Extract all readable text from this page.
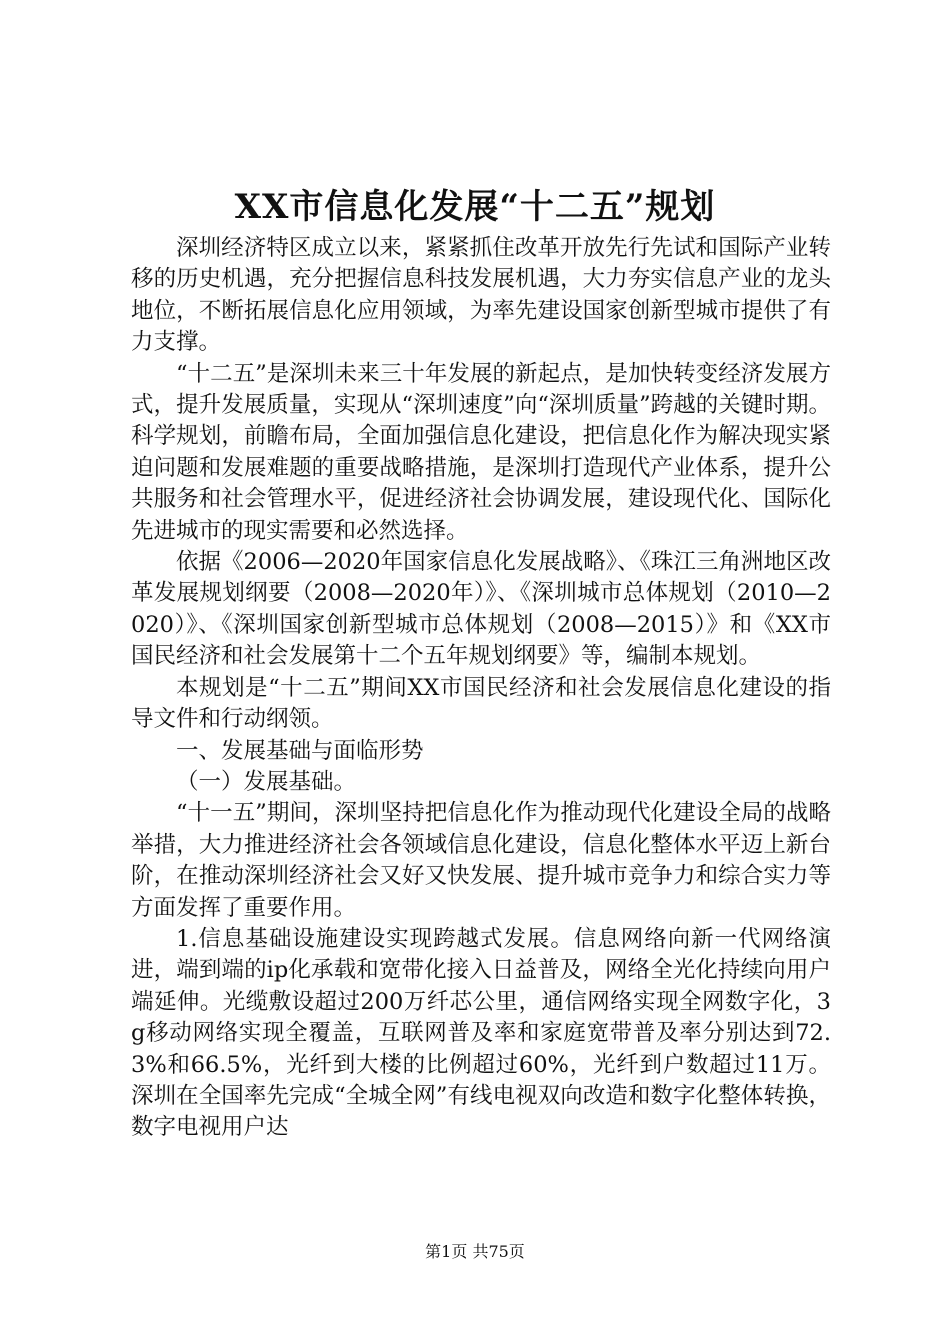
XX市信息化发展“十二五”规划

深圳经济特区成立以来，紧紧抓住改革开放先行先试和国际产业转移的历史机遇，充分把握信息科技发展机遇，大力夯实信息产业的龙头地位，不断拓展信息化应用领域，为率先建设国家创新型城市提供了有力支撑。

“十二五”是深圳未来三十年发展的新起点，是加快转变经济发展方式，提升发展质量，实现从“深圳速度”向“深圳质量”跨越的关键时期。科学规划，前瞻布局，全面加强信息化建设，把信息化作为解决现实紧迫问题和发展难题的重要战略措施，是深圳打造现代产业体系，提升公共服务和社会管理水平，促进经济社会协调发展，建设现代化、国际化先进城市的现实需要和必然选择。

依据《2006—2020年国家信息化发展战略》、《珠江三角洲地区改革发展规划纲要（2008—2020年）》、《深圳城市总体规划（2010—2020）》、《深圳国家创新型城市总体规划（2008—2015）》和《XX市国民经济和社会发展第十二个五年规划纲要》等，编制本规划。

本规划是“十二五”期间XX市国民经济和社会发展信息化建设的指导文件和行动纲领。

一、发展基础与面临形势

（一）发展基础。

“十一五”期间，深圳坚持把信息化作为推动现代化建设全局的战略举措，大力推进经济社会各领域信息化建设，信息化整体水平迈上新台阶，在推动深圳经济社会又好又快发展、提升城市竞争力和综合实力等方面发挥了重要作用。

1.信息基础设施建设实现跨越式发展。信息网络向新一代网络演进，端到端的ip化承载和宽带化接入日益普及，网络全光化持续向用户端延伸。光缆敷设超过200万纤芯公里，通信网络实现全网数字化，3g移动网络实现全覆盖，互联网普及率和家庭宽带普及率分别达到72.3%和66.5%，光纤到大楼的比例超过60%，光纤到户数超过11万。深圳在全国率先完成“全城全网”有线电视双向改造和数字化整体转换，数字电视用户达

第1页 共75页
